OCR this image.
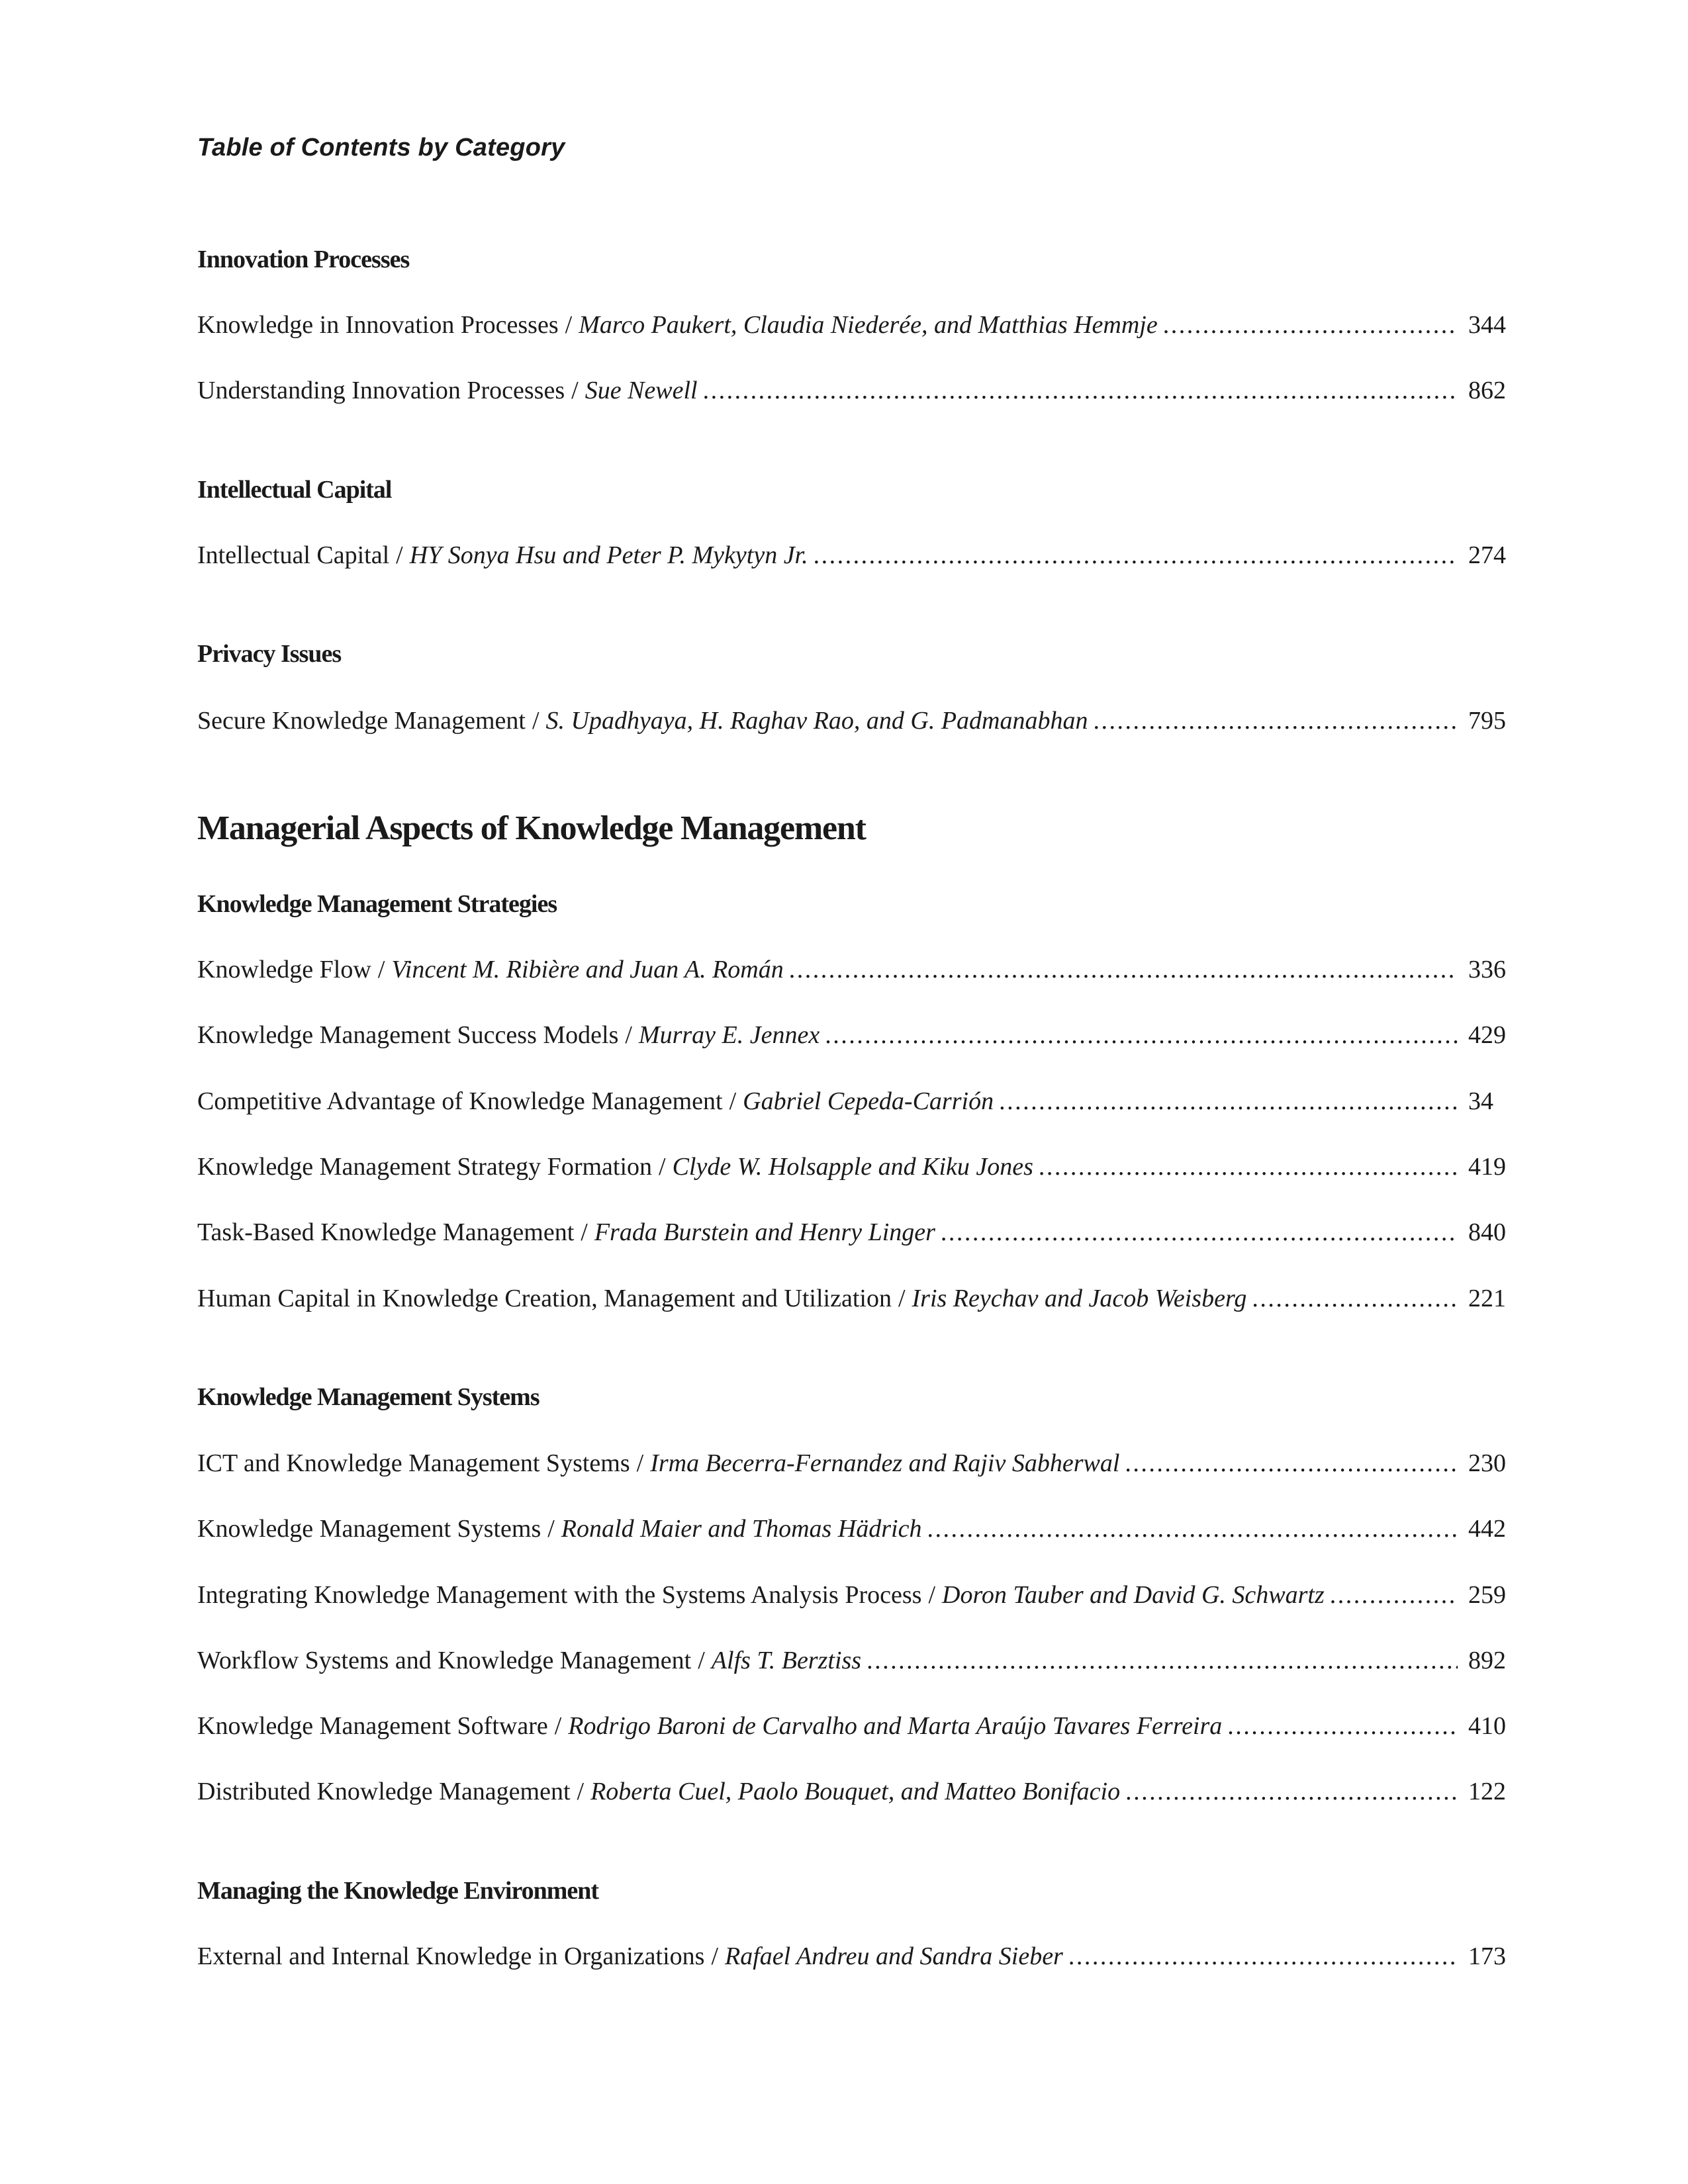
Table of Contents by Category
Innovation Processes
Knowledge in Innovation Processes / Marco Paukert, Claudia Niederée, and Matthias Hemmje .....	344
Understanding Innovation Processes / Sue Newell .....	862
Intellectual Capital
Intellectual Capital / HY Sonya Hsu and Peter P. Mykytyn Jr. .....	274
Privacy Issues
Secure Knowledge Management / S. Upadhyaya, H. Raghav Rao, and G. Padmanabhan .....	795
Managerial Aspects of Knowledge Management
Knowledge Management Strategies
Knowledge Flow / Vincent M. Ribière and Juan A. Román .....	336
Knowledge Management Success Models / Murray E. Jennex .....	429
Competitive Advantage of Knowledge Management / Gabriel Cepeda-Carrión .....	34
Knowledge Management Strategy Formation / Clyde W. Holsapple and Kiku Jones .....	419
Task-Based Knowledge Management / Frada Burstein and Henry Linger .....	840
Human Capital in Knowledge Creation, Management and Utilization / Iris Reychav and Jacob Weisberg .....	221
Knowledge Management Systems
ICT and Knowledge Management Systems / Irma Becerra-Fernandez and Rajiv Sabherwal .....	230
Knowledge Management Systems / Ronald Maier and Thomas Hädrich .....	442
Integrating Knowledge Management with the Systems Analysis Process / Doron Tauber and David G. Schwartz .....	259
Workflow Systems and Knowledge Management / Alfs T. Berztiss .....	892
Knowledge Management Software / Rodrigo Baroni de Carvalho and Marta Araújo Tavares Ferreira .....	410
Distributed Knowledge Management / Roberta Cuel, Paolo Bouquet, and Matteo Bonifacio .....	122
Managing the Knowledge Environment
External and Internal Knowledge in Organizations / Rafael Andreu and Sandra Sieber .....	173
